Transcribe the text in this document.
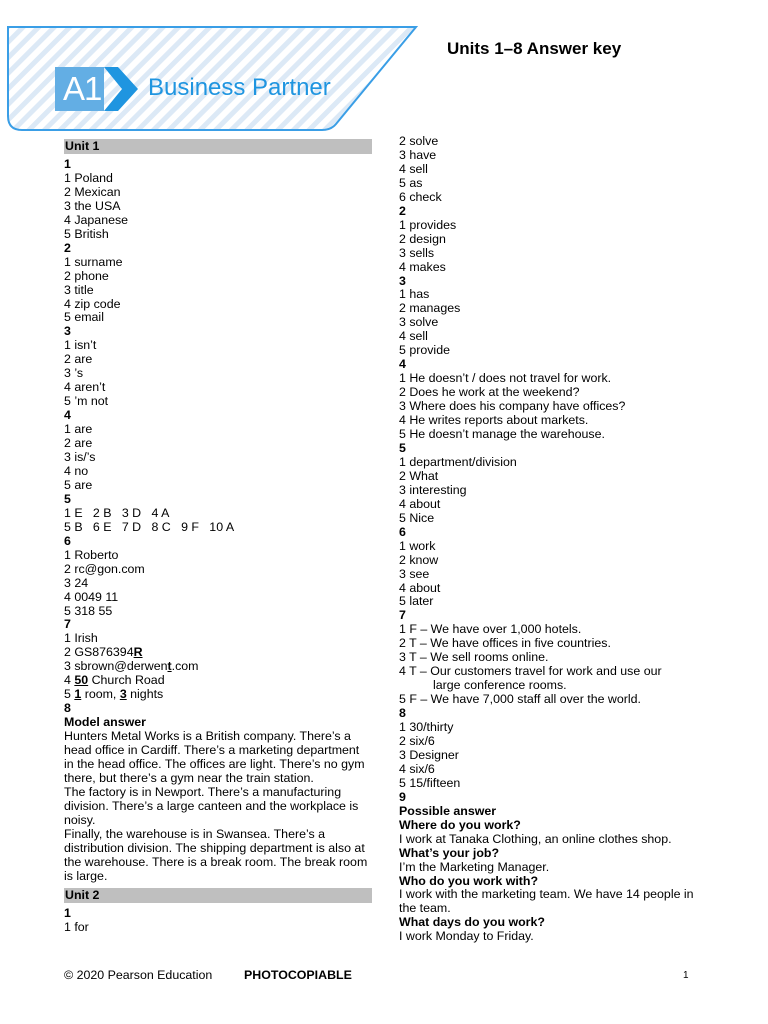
A1 Business Partner
Units 1–8 Answer key
Unit 1
1
1 Poland
2 Mexican
3 the USA
4 Japanese
5 British
2
1 surname
2 phone
3 title
4 zip code
5 email
3
1 isn’t
2 are
3 ’s
4 aren’t
5 ’m not
4
1 are
2 are
3 is/’s
4 no
5 are
5
1 E   2 B   3 D   4 A
5 B   6 E   7 D   8 C   9 F   10 A
6
1 Roberto
2 rc@gon.com
3 24
4 0049 11
5 318 55
7
1 Irish
2 GS876394R
3 sbrown@derwent.com
4 50 Church Road
5 1 room, 3 nights
8
Model answer
Hunters Metal Works is a British company. There’s a head office in Cardiff. There’s a marketing department in the head office. The offices are light. There’s no gym there, but there’s a gym near the train station.
The factory is in Newport. There’s a manufacturing division. There’s a large canteen and the workplace is noisy.
Finally, the warehouse is in Swansea. There’s a distribution division. The shipping department is also at the warehouse. There is a break room. The break room is large.
Unit 2
1
1 for
2 solve
3 have
4 sell
5 as
6 check
2
1 provides
2 design
3 sells
4 makes
3
1 has
2 manages
3 solve
4 sell
5 provide
4
1 He doesn’t / does not travel for work.
2 Does he work at the weekend?
3 Where does his company have offices?
4 He writes reports about markets.
5 He doesn’t manage the warehouse.
5
1 department/division
2 What
3 interesting
4 about
5 Nice
6
1 work
2 know
3 see
4 about
5 later
7
1 F – We have over 1,000 hotels.
2 T – We have offices in five countries.
3 T – We sell rooms online.
4 T – Our customers travel for work and use our
large conference rooms.
5 F – We have 7,000 staff all over the world.
8
1 30/thirty
2 six/6
3 Designer
4 six/6
5 15/fifteen
9
Possible answer
Where do you work?
I work at Tanaka Clothing, an online clothes shop.
What’s your job?
I’m the Marketing Manager.
Who do you work with?
I work with the marketing team. We have 14 people in the team.
What days do you work?
I work Monday to Friday.
© 2020 Pearson Education	PHOTOCOPIABLE	1
